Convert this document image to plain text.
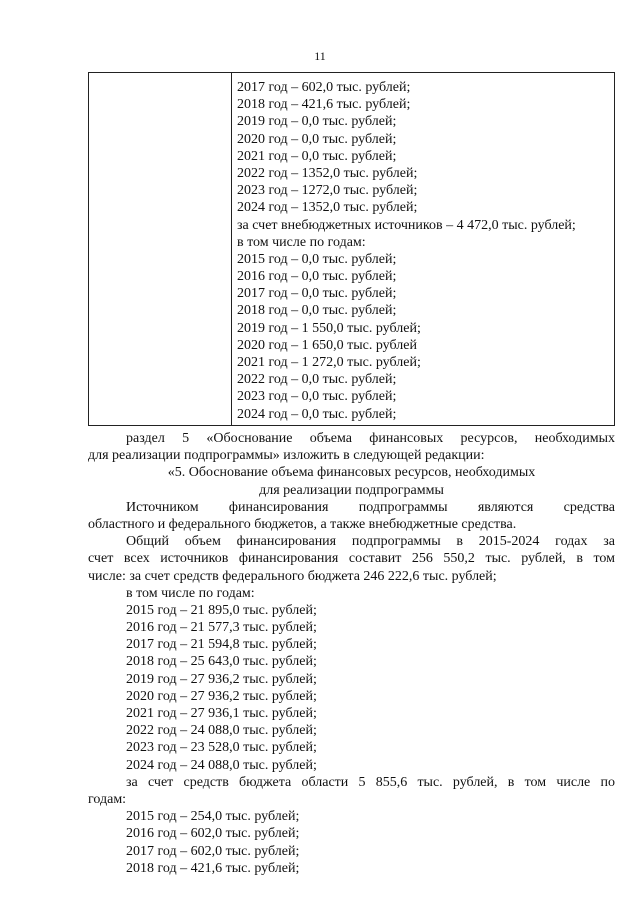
11
2017 год – 602,0 тыс. рублей;
2018 год – 421,6 тыс. рублей;
2019 год – 0,0 тыс. рублей;
2020 год – 0,0 тыс. рублей;
2021 год – 0,0 тыс. рублей;
2022 год – 1352,0 тыс. рублей;
2023 год – 1272,0 тыс. рублей;
2024 год – 1352,0 тыс. рублей;
за счет внебюджетных источников – 4 472,0 тыс. рублей;
в том числе по годам:
2015 год – 0,0 тыс. рублей;
2016 год – 0,0 тыс. рублей;
2017 год – 0,0 тыс. рублей;
2018 год – 0,0 тыс. рублей;
2019 год – 1 550,0 тыс. рублей;
2020 год – 1 650,0 тыс. рублей
2021 год – 1 272,0 тыс. рублей;
2022 год – 0,0 тыс. рублей;
2023 год – 0,0 тыс. рублей;
2024 год – 0,0 тыс. рублей;
раздел 5 «Обоснование объема финансовых ресурсов, необходимых
для реализации подпрограммы» изложить в следующей редакции:
«5. Обоснование объема финансовых ресурсов, необходимых
для реализации подпрограммы
Источником финансирования подпрограммы являются средства
областного и федерального бюджетов, а также внебюджетные средства.
Общий объем финансирования подпрограммы в 2015-2024 годах за
счет всех источников финансирования составит 256 550,2 тыс. рублей, в том
числе: за счет средств федерального бюджета 246 222,6 тыс. рублей;
в том числе по годам:
2015 год – 21 895,0 тыс. рублей;
2016 год – 21 577,3 тыс. рублей;
2017 год – 21 594,8 тыс. рублей;
2018 год – 25 643,0 тыс. рублей;
2019 год – 27 936,2 тыс. рублей;
2020 год – 27 936,2 тыс. рублей;
2021 год – 27 936,1 тыс. рублей;
2022 год – 24 088,0 тыс. рублей;
2023 год – 23 528,0 тыс. рублей;
2024 год – 24 088,0 тыс. рублей;
за счет средств бюджета области 5 855,6 тыс. рублей, в том числе по
годам:
2015 год – 254,0 тыс. рублей;
2016 год – 602,0 тыс. рублей;
2017 год – 602,0 тыс. рублей;
2018 год – 421,6 тыс. рублей;
